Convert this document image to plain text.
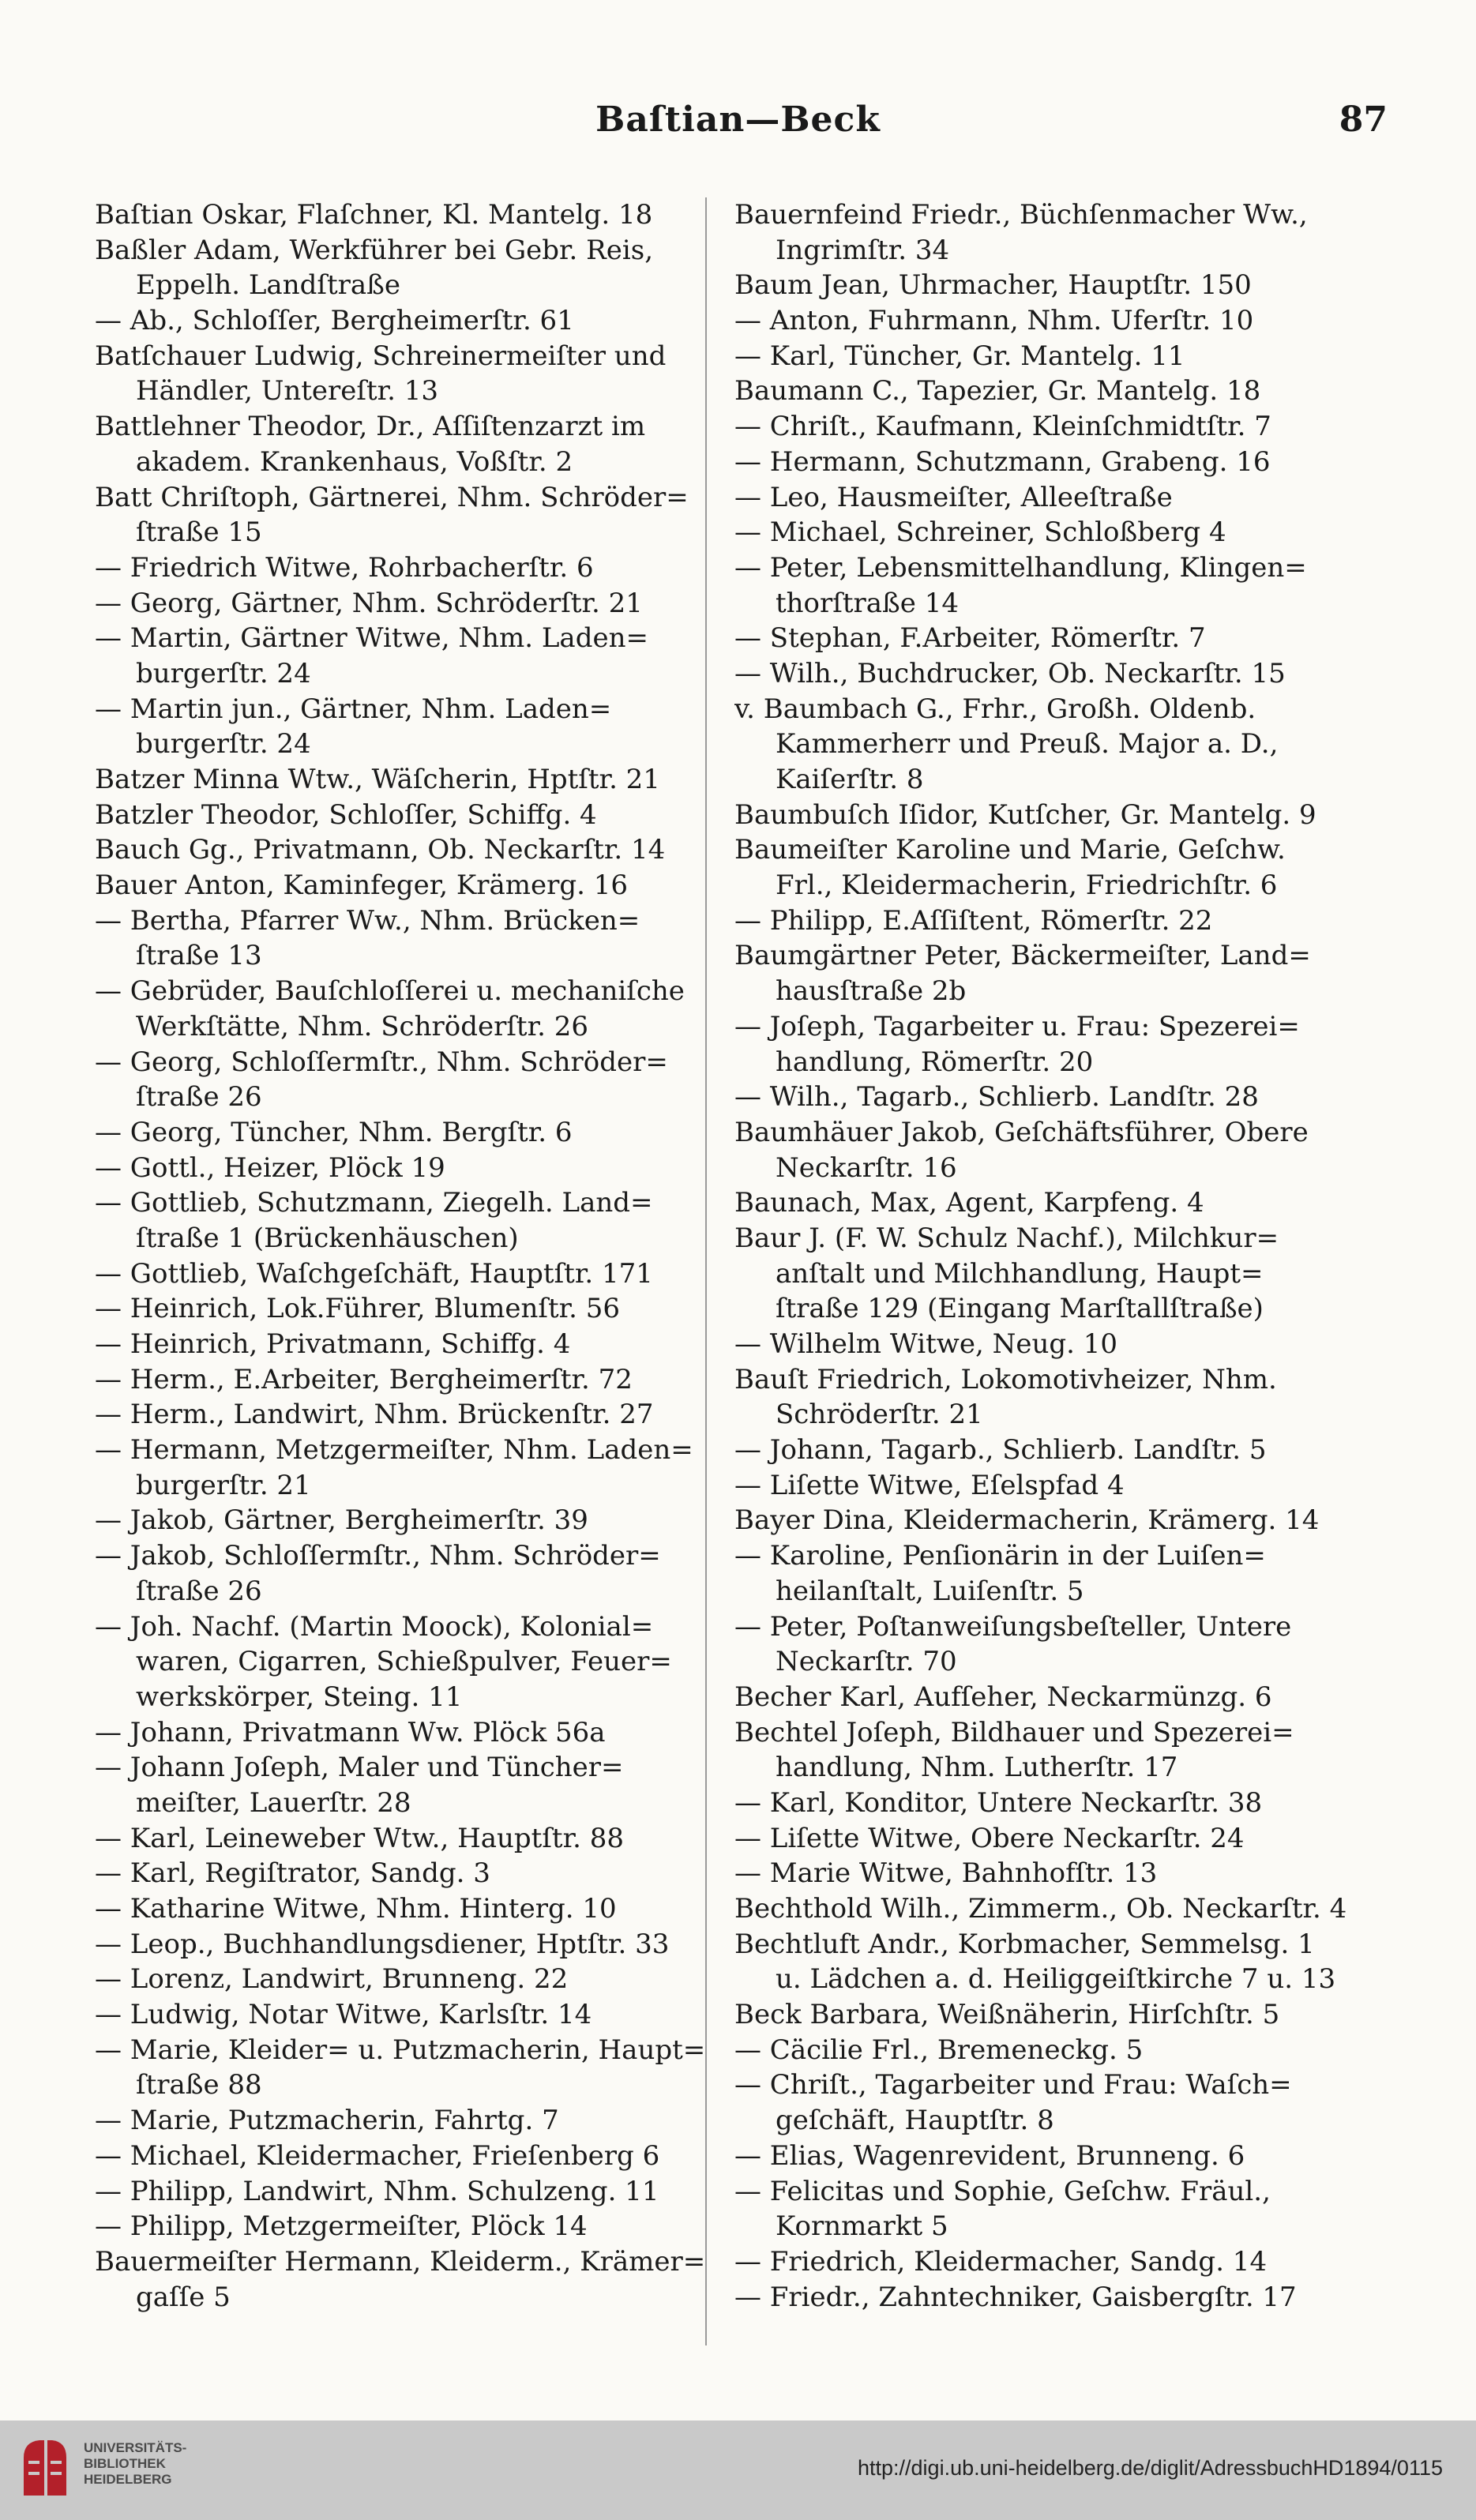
Baſtian—Beck	87
Baſtian Oskar, Flaſchner, Kl. Mantelg. 18
Baßler Adam, Werkführer bei Gebr. Reis,
Eppelh. Landſtraße
— Ab., Schloſſer, Bergheimerſtr. 61
Batſchauer Ludwig, Schreinermeiſter und
Händler, Untereſtr. 13
Battlehner Theodor, Dr., Aſſiſtenzarzt im
akadem. Krankenhaus, Voßſtr. 2
Batt Chriſtoph, Gärtnerei, Nhm. Schröder=
ſtraße 15
— Friedrich Witwe, Rohrbacherſtr. 6
— Georg, Gärtner, Nhm. Schröderſtr. 21
— Martin, Gärtner Witwe, Nhm. Laden=
burgerſtr. 24
— Martin jun., Gärtner, Nhm. Laden=
burgerſtr. 24
Batzer Minna Wtw., Wäſcherin, Hptſtr. 21
Batzler Theodor, Schloſſer, Schiffg. 4
Bauch Gg., Privatmann, Ob. Neckarſtr. 14
Bauer Anton, Kaminfeger, Krämerg. 16
— Bertha, Pfarrer Ww., Nhm. Brücken=
ſtraße 13
— Gebrüder, Bauſchloſſerei u. mechaniſche
Werkſtätte, Nhm. Schröderſtr. 26
— Georg, Schloſſermſtr., Nhm. Schröder=
ſtraße 26
— Georg, Tüncher, Nhm. Bergſtr. 6
— Gottl., Heizer, Plöck 19
— Gottlieb, Schutzmann, Ziegelh. Land=
ſtraße 1 (Brückenhäuschen)
— Gottlieb, Waſchgeſchäft, Hauptſtr. 171
— Heinrich, Lok.Führer, Blumenſtr. 56
— Heinrich, Privatmann, Schiffg. 4
— Herm., E.Arbeiter, Bergheimerſtr. 72
— Herm., Landwirt, Nhm. Brückenſtr. 27
— Hermann, Metzgermeiſter, Nhm. Laden=
burgerſtr. 21
— Jakob, Gärtner, Bergheimerſtr. 39
— Jakob, Schloſſermſtr., Nhm. Schröder=
ſtraße 26
— Joh. Nachf. (Martin Moock), Kolonial=
waren, Cigarren, Schießpulver, Feuer=
werkskörper, Steing. 11
— Johann, Privatmann Ww. Plöck 56a
— Johann Joſeph, Maler und Tüncher=
meiſter, Lauerſtr. 28
— Karl, Leineweber Wtw., Hauptſtr. 88
— Karl, Regiſtrator, Sandg. 3
— Katharine Witwe, Nhm. Hinterg. 10
— Leop., Buchhandlungsdiener, Hptſtr. 33
— Lorenz, Landwirt, Brunneng. 22
— Ludwig, Notar Witwe, Karlsſtr. 14
— Marie, Kleider= u. Putzmacherin, Haupt=
ſtraße 88
— Marie, Putzmacherin, Fahrtg. 7
— Michael, Kleidermacher, Frieſenberg 6
— Philipp, Landwirt, Nhm. Schulzeng. 11
— Philipp, Metzgermeiſter, Plöck 14
Bauermeiſter Hermann, Kleiderm., Krämer=
gaſſe 5
Bauernfeind Friedr., Büchſenmacher Ww.,
Ingrimſtr. 34
Baum Jean, Uhrmacher, Hauptſtr. 150
— Anton, Fuhrmann, Nhm. Uferſtr. 10
— Karl, Tüncher, Gr. Mantelg. 11
Baumann C., Tapezier, Gr. Mantelg. 18
— Chriſt., Kaufmann, Kleinſchmidtſtr. 7
— Hermann, Schutzmann, Grabeng. 16
— Leo, Hausmeiſter, Alleeſtraße
— Michael, Schreiner, Schloßberg 4
— Peter, Lebensmittelhandlung, Klingen=
thorſtraße 14
— Stephan, F.Arbeiter, Römerſtr. 7
— Wilh., Buchdrucker, Ob. Neckarſtr. 15
v. Baumbach G., Frhr., Großh. Oldenb.
Kammerherr und Preuß. Major a. D.,
Kaiſerſtr. 8
Baumbuſch Iſidor, Kutſcher, Gr. Mantelg. 9
Baumeiſter Karoline und Marie, Geſchw.
Frl., Kleidermacherin, Friedrichſtr. 6
— Philipp, E.Aſſiſtent, Römerſtr. 22
Baumgärtner Peter, Bäckermeiſter, Land=
hausſtraße 2b
— Joſeph, Tagarbeiter u. Frau: Spezerei=
handlung, Römerſtr. 20
— Wilh., Tagarb., Schlierb. Landſtr. 28
Baumhäuer Jakob, Geſchäftsführer, Obere
Neckarſtr. 16
Baunach, Max, Agent, Karpfeng. 4
Baur J. (F. W. Schulz Nachf.), Milchkur=
anſtalt und Milchhandlung, Haupt=
ſtraße 129 (Eingang Marſtallſtraße)
— Wilhelm Witwe, Neug. 10
Bauſt Friedrich, Lokomotivheizer, Nhm.
Schröderſtr. 21
— Johann, Tagarb., Schlierb. Landſtr. 5
— Liſette Witwe, Eſelspfad 4
Bayer Dina, Kleidermacherin, Krämerg. 14
— Karoline, Penſionärin in der Luiſen=
heilanſtalt, Luiſenſtr. 5
— Peter, Poſtanweiſungsbeſteller, Untere
Neckarſtr. 70
Becher Karl, Aufſeher, Neckarmünzg. 6
Bechtel Joſeph, Bildhauer und Spezerei=
handlung, Nhm. Lutherſtr. 17
— Karl, Konditor, Untere Neckarſtr. 38
— Liſette Witwe, Obere Neckarſtr. 24
— Marie Witwe, Bahnhofſtr. 13
Bechthold Wilh., Zimmerm., Ob. Neckarſtr. 4
Bechtluft Andr., Korbmacher, Semmelsg. 1
u. Lädchen a. d. Heiliggeiſtkirche 7 u. 13
Beck Barbara, Weißnäherin, Hirſchſtr. 5
— Cäcilie Frl., Bremeneckg. 5
— Chriſt., Tagarbeiter und Frau: Waſch=
geſchäft, Hauptſtr. 8
— Elias, Wagenrevident, Brunneng. 6
— Felicitas und Sophie, Geſchw. Fräul.,
Kornmarkt 5
— Friedrich, Kleidermacher, Sandg. 14
— Friedr., Zahntechniker, Gaisbergſtr. 17
UNIVERSITÄTS-
BIBLIOTHEK
HEIDELBERG	http://digi.ub.uni-heidelberg.de/diglit/AdressbuchHD1894/0115
